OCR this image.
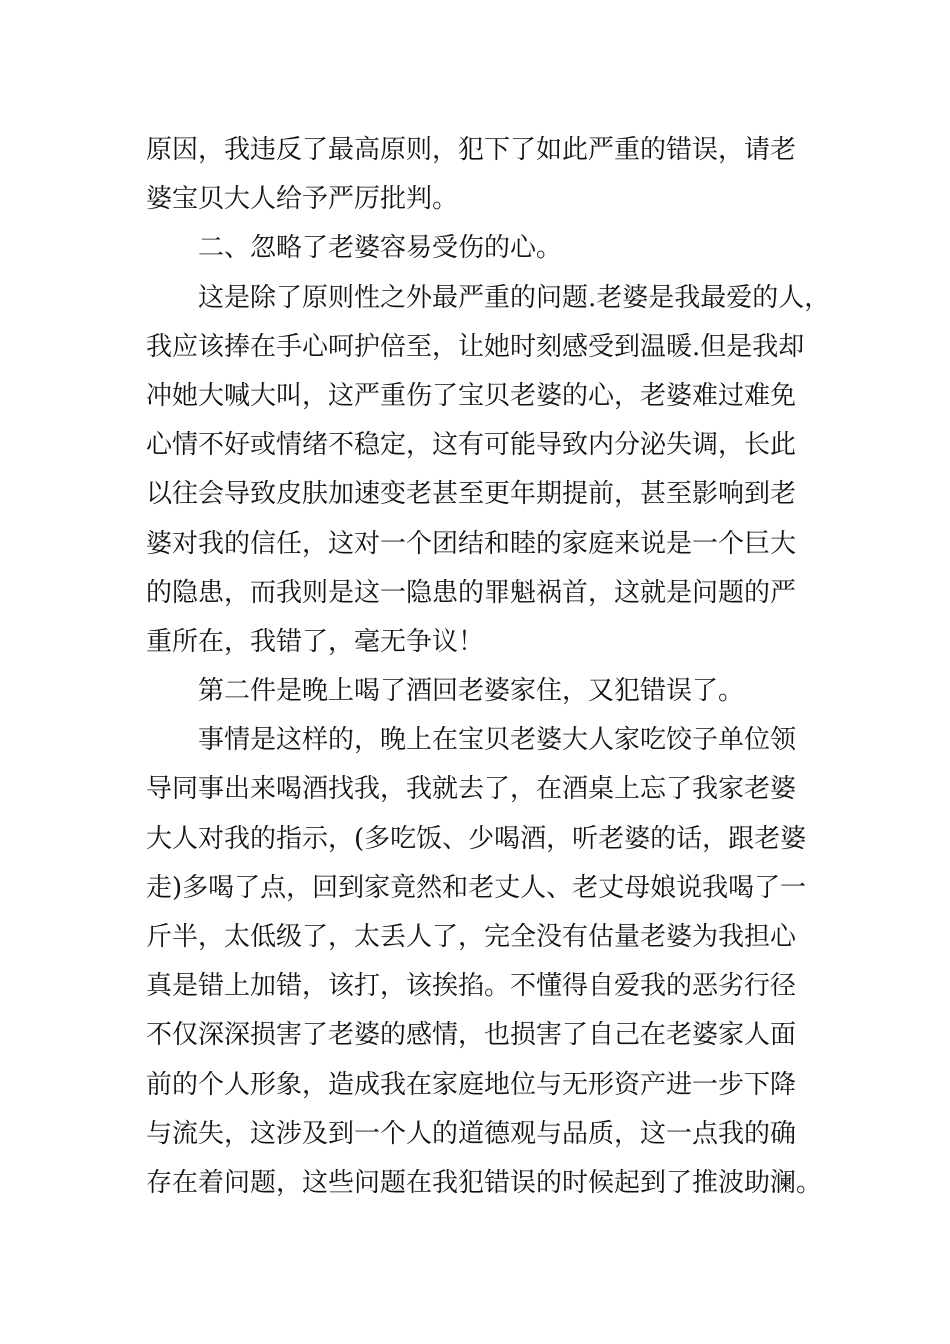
原因，我违反了最高原则，犯下了如此严重的错误，请老
婆宝贝大人给予严厉批判。
二、忽略了老婆容易受伤的心。
这是除了原则性之外最严重的问题.老婆是我最爱的人，
我应该捧在手心呵护倍至，让她时刻感受到温暖.但是我却
冲她大喊大叫，这严重伤了宝贝老婆的心，老婆难过难免
心情不好或情绪不稳定，这有可能导致内分泌失调，长此
以往会导致皮肤加速变老甚至更年期提前，甚至影响到老
婆对我的信任，这对一个团结和睦的家庭来说是一个巨大
的隐患，而我则是这一隐患的罪魁祸首，这就是问题的严
重所在，我错了，毫无争议！
第二件是晚上喝了酒回老婆家住，又犯错误了。
事情是这样的，晚上在宝贝老婆大人家吃饺子单位领
导同事出来喝酒找我，我就去了，在酒桌上忘了我家老婆
大人对我的指示，(多吃饭、少喝酒，听老婆的话，跟老婆
走)多喝了点，回到家竟然和老丈人、老丈母娘说我喝了一
斤半，太低级了，太丢人了，完全没有估量老婆为我担心
真是错上加错，该打，该挨掐。不懂得自爱我的恶劣行径
不仅深深损害了老婆的感情，也损害了自己在老婆家人面
前的个人形象，造成我在家庭地位与无形资产进一步下降
与流失，这涉及到一个人的道德观与品质，这一点我的确
存在着问题，这些问题在我犯错误的时候起到了推波助澜。
